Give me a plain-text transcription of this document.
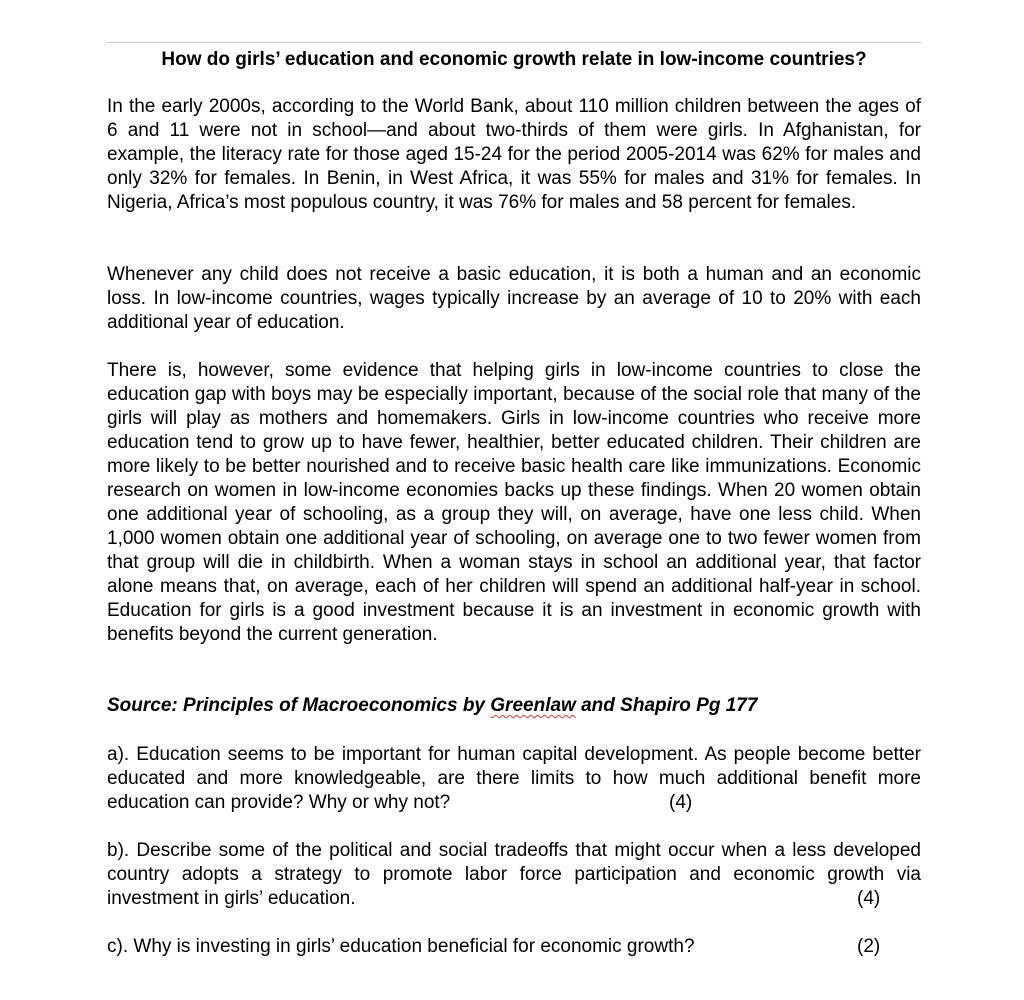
How do girls’ education and economic growth relate in low-income countries?
In the early 2000s, according to the World Bank, about 110 million children between the ages of 6 and 11 were not in school—and about two-thirds of them were girls. In Afghanistan, for example, the literacy rate for those aged 15-24 for the period 2005-2014 was 62% for males and only 32% for females. In Benin, in West Africa, it was 55% for males and 31% for females. In Nigeria, Africa’s most populous country, it was 76% for males and 58 percent for females.
Whenever any child does not receive a basic education, it is both a human and an economic loss. In low-income countries, wages typically increase by an average of 10 to 20% with each additional year of education.
There is, however, some evidence that helping girls in low-income countries to close the education gap with boys may be especially important, because of the social role that many of the girls will play as mothers and homemakers. Girls in low-income countries who receive more education tend to grow up to have fewer, healthier, better educated children. Their children are more likely to be better nourished and to receive basic health care like immunizations. Economic research on women in low-income economies backs up these findings. When 20 women obtain one additional year of schooling, as a group they will, on average, have one less child. When 1,000 women obtain one additional year of schooling, on average one to two fewer women from that group will die in childbirth. When a woman stays in school an additional year, that factor alone means that, on average, each of her children will spend an additional half-year in school. Education for girls is a good investment because it is an investment in economic growth with benefits beyond the current generation.
Source: Principles of Macroeconomics by Greenlaw and Shapiro Pg 177
a). Education seems to be important for human capital development. As people become better educated and more knowledgeable, are there limits to how much additional benefit more education can provide? Why or why not?	(4)
b). Describe some of the political and social tradeoffs that might occur when a less developed country adopts a strategy to promote labor force participation and economic growth via investment in girls’ education.	(4)
c). Why is investing in girls’ education beneficial for economic growth?	(2)
